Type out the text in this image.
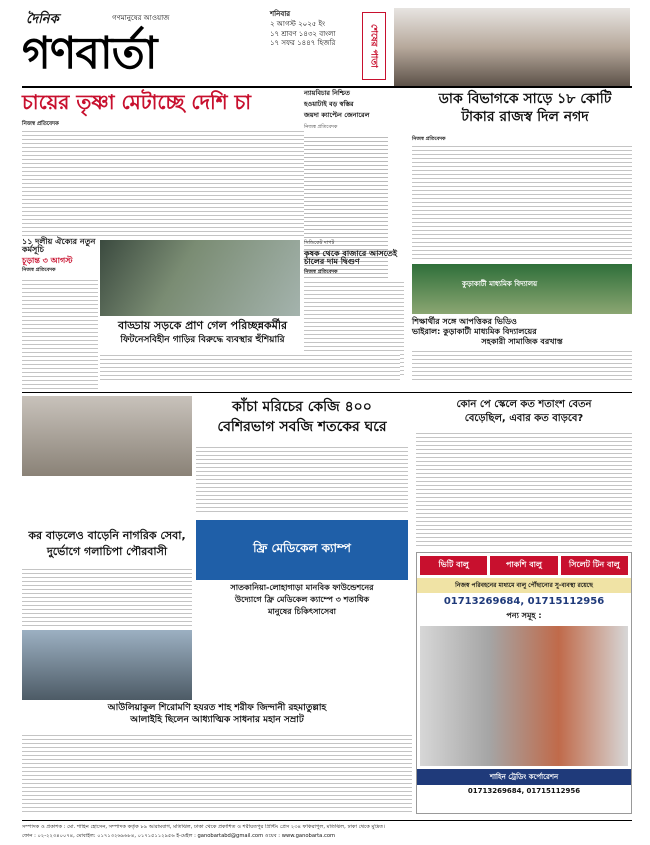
দৈনিক
গণবার্তা
গণমানুষের আওয়াজ	শনিবার
২ আগস্ট ২০২৫ ইং
১৭ শ্রাবণ ১৪৩২ বাংলা
১৭ সফর ১৪৪৭ হিজরি	শেষের পাতা
চায়ের তৃষ্ণা মেটাচ্ছে দেশি চা	ন্যায়বিচার নিশ্চিত
হওয়াটাই বড় স্বস্তির
জয়দা ক্যাপ্টেন জেনারেল
নিজস্ব প্রতিবেদক
নিজস্ব প্রতিবেদক
ডাক বিভাগকে সাড়ে ১৮ কোটি
টাকার রাজস্ব দিল নগদ
নিজস্ব প্রতিবেদক
১১ দলীয় ঐক্যের নতুন কর্মসূচি
চূড়ান্ত ৩ আগস্ট
নিজস্ব প্রতিবেদক
সিন্ডিকেট দাপট
কৃষক থেকে বাজারে আসতেই চালের দাম দ্বিগুণ
নিজস্ব প্রতিবেদক
কুড়াকাটী মাধ্যমিক বিদ্যালয়
বাড্ডায় সড়কে প্রাণ গেল পরিচ্ছন্নকর্মীর
ফিটনেসবিহীন গাড়ির বিরুদ্ধে ব্যবস্থার হুঁশিয়ারি
শিক্ষার্থীর সঙ্গে আপত্তিকর ভিডিও
ভাইরাল: কুড়াকাটী মাধ্যমিক বিদ্যালয়ের
সহকারী সামাজিক বরখাস্ত
কাঁচা মরিচের কেজি ৪০০
বেশিরভাগ সবজি শতকের ঘরে
কোন পে স্কেলে কত শতাংশ বেতন
বেড়েছিল, এবার কত বাড়বে?
কর বাড়লেও বাড়েনি নাগরিক সেবা,
দুর্ভোগে গলাচিপা পৌরবাসী	ফ্রি মেডিকেল ক্যাম্প
সাতকানিয়া-লোহাগাড়া মানবিক ফাউন্ডেশনের
উদ্যোগে ফ্রি মেডিকেল ক্যাম্পে ৩ শতাধিক
মানুষের চিকিৎসাসেবা
ভিটি বালু	পাকশি বালু	সিলেট টিন বালু
নিজস্ব পরিবহনের মাধ্যমে বালু পৌঁছানোর সু-ব্যবস্থা রয়েছে
01713269684, 01715112956
পন্য সমূহ :
শাহিন ট্রেডিং কর্পোরেশন
01713269684, 01715112956
আউলিয়াকুল শিরোমণি হযরত শাহ শরীফ জিন্দানী রহমাতুল্লাহ
আলাইহি ছিলেন আধ্যাত্মিক সাধনার মহান সম্রাট
সম্পাদক ও প্রকাশক : মো. শাহিন হোসেন, সম্পাদক কর্তৃক ৮৯ আরামবাগ, মতিঝিল, ঢাকা থেকে প্রকাশিত ও শরীয়তপুর প্রিন্টিং প্রেস ২৩৪ ফকিরাপুল, মতিঝিল, ঢাকা থেকে মুদ্রিত।
ফোন : ০২-২২৩৪০০৭৪, মোবাইল: ০১৭১৩২৬৯৬৮৪, ০১৭১৫১১২৯৫৬ ই-মেইল : ganobartabd@gmail.com ওয়েব : www.ganobarta.com
